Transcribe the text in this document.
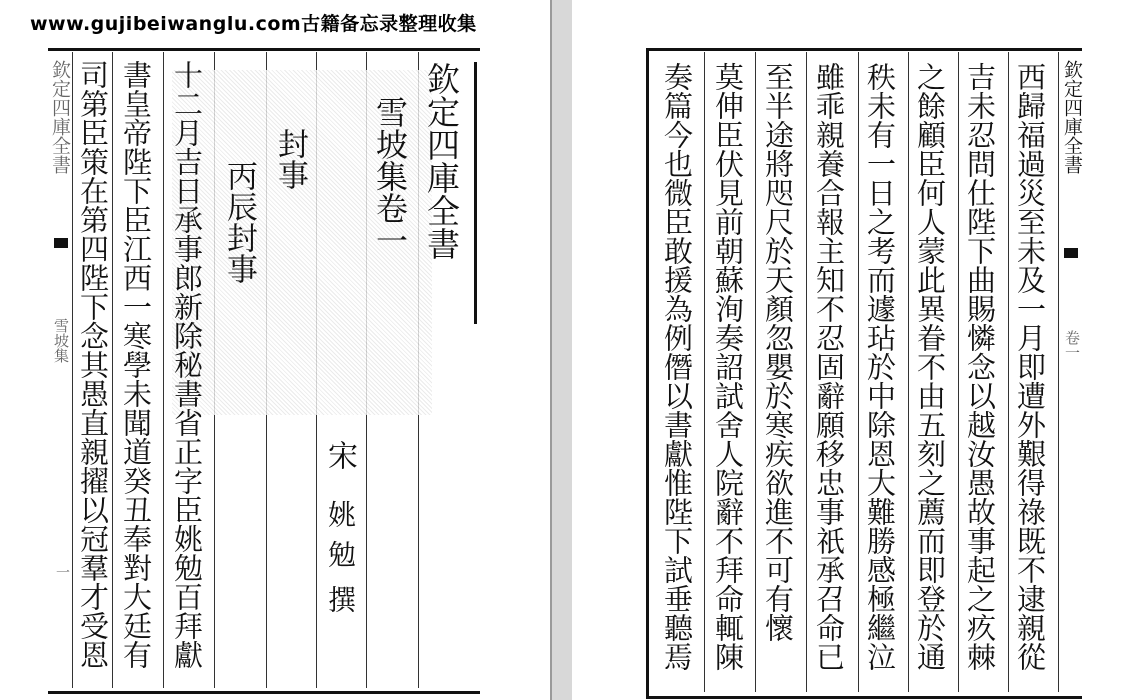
www.gujibeiwanglu.com古籍备忘录整理收集
欽定四庫全書
雪坡集
一
欽定四庫全書
雪坡集卷一
宋
姚勉
撰
封事
丙辰封事
十二月吉日承事郎新除秘書省正字臣姚勉百拜獻
書皇帝陛下臣江西一寒學未聞道癸丑奉對大廷有
司第臣策在第四陛下念其愚直親擢以冠羣才受恩	西歸福過災至未及一月即遭外艱得祿既不逮親從
吉未忍問仕陛下曲賜憐念以越汝愚故事起之疚棘
之餘顧臣何人蒙此異眷不由五刻之薦而即登於通
秩未有一日之考而遽玷於中除恩大難勝感極繼泣
雖乖親養合報主知不忍固辭願移忠事祇承召命已
至半途將咫尺於天顏忽嬰於寒疾欲進不可有懷
莫伸臣伏見前朝蘇洵奏詔試舍人院辭不拜命輒陳
奏篇今也微臣敢援為例僭以書獻惟陛下試垂聽焉	欽定四庫全書
卷一
